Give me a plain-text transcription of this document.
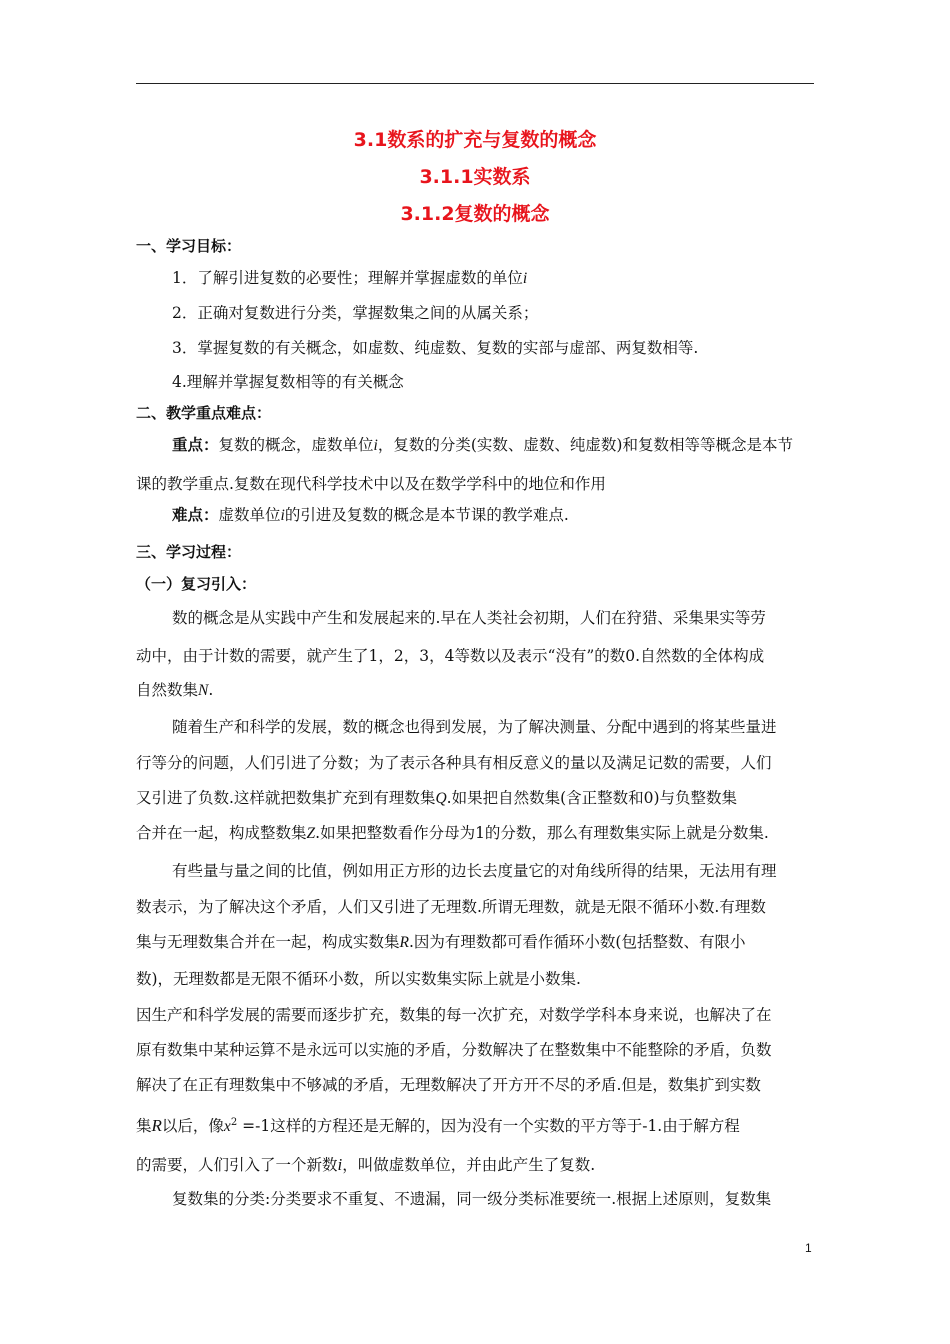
3.1数系的扩充与复数的概念
3.1.1实数系
3.1.2复数的概念
一、学习目标：
1．了解引进复数的必要性；理解并掌握虚数的单位i
2．正确对复数进行分类，掌握数集之间的从属关系；
3．掌握复数的有关概念，如虚数、纯虚数、复数的实部与虚部、两复数相等.
4.理解并掌握复数相等的有关概念
二、教学重点难点：
重点：复数的概念，虚数单位i，复数的分类(实数、虚数、纯虚数)和复数相等等概念是本节
课的教学重点.复数在现代科学技术中以及在数学学科中的地位和作用
难点：虚数单位i的引进及复数的概念是本节课的教学难点.
三、学习过程：
（一）复习引入：
数的概念是从实践中产生和发展起来的.早在人类社会初期，人们在狩猎、采集果实等劳
动中，由于计数的需要，就产生了1，2，3，4等数以及表示“没有”的数0.自然数的全体构成
自然数集N.
随着生产和科学的发展，数的概念也得到发展，为了解决测量、分配中遇到的将某些量进
行等分的问题，人们引进了分数；为了表示各种具有相反意义的量以及满足记数的需要，人们
又引进了负数.这样就把数集扩充到有理数集Q.如果把自然数集(含正整数和0)与负整数集
合并在一起，构成整数集Z.如果把整数看作分母为1的分数，那么有理数集实际上就是分数集.
有些量与量之间的比值，例如用正方形的边长去度量它的对角线所得的结果，无法用有理
数表示，为了解决这个矛盾，人们又引进了无理数.所谓无理数，就是无限不循环小数.有理数
集与无理数集合并在一起，构成实数集R.因为有理数都可看作循环小数(包括整数、有限小
数)，无理数都是无限不循环小数，所以实数集实际上就是小数集.
因生产和科学发展的需要而逐步扩充，数集的每一次扩充，对数学学科本身来说，也解决了在
原有数集中某种运算不是永远可以实施的矛盾，分数解决了在整数集中不能整除的矛盾，负数
解决了在正有理数集中不够减的矛盾，无理数解决了开方开不尽的矛盾.但是，数集扩到实数
集R以后，像$x^2 =-1$这样的方程还是无解的，因为没有一个实数的平方等于-1.由于解方程
的需要，人们引入了一个新数i，叫做虚数单位，并由此产生了复数.
复数集的分类:分类要求不重复、不遗漏，同一级分类标准要统一.根据上述原则，复数集
1
